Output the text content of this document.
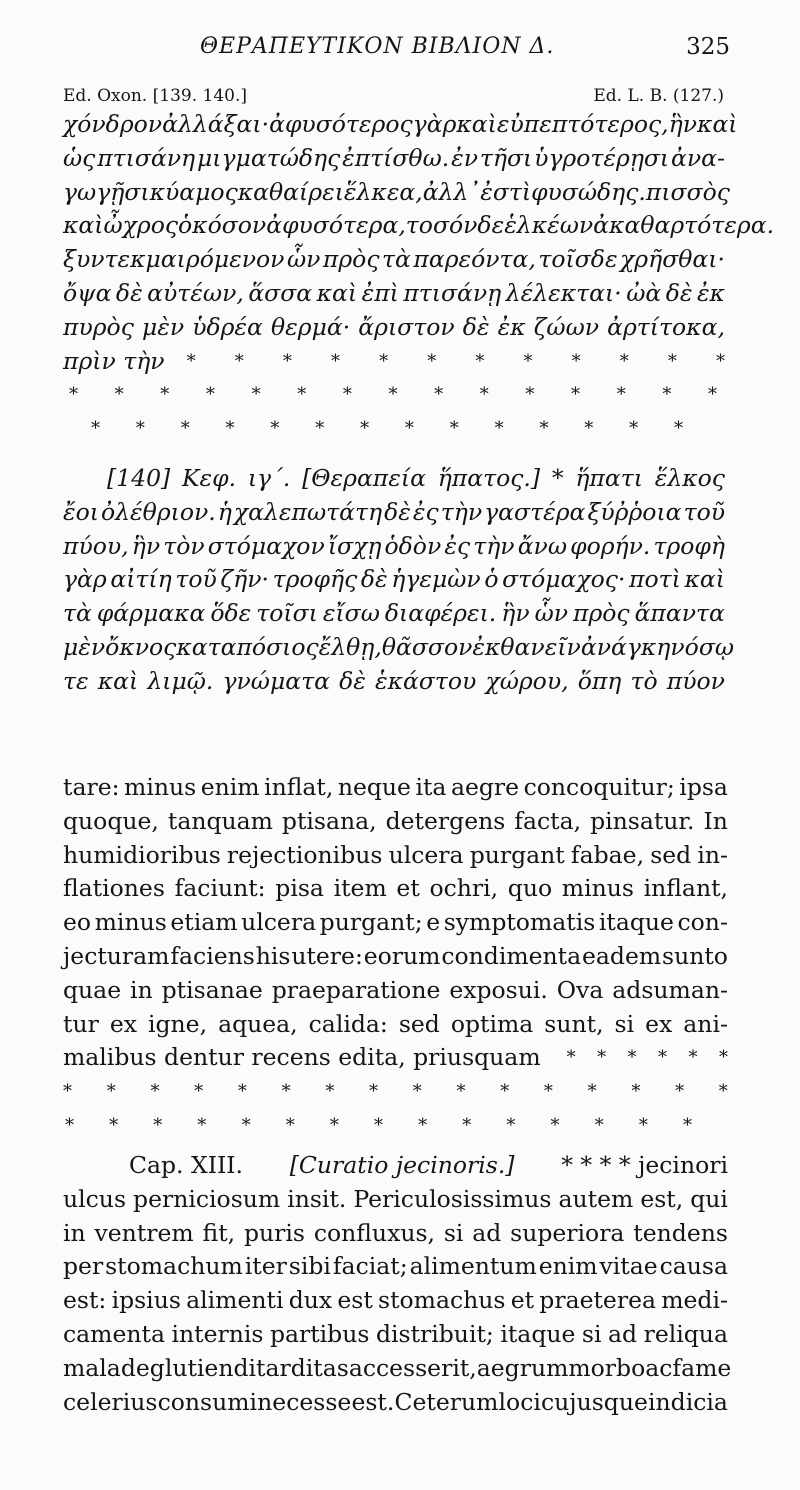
ΘΕΡΑΠΕΥΤΙΚΟΝ ΒΙΒΛΙΟΝ Δ.	325
Ed. Oxon. [139. 140.]	Ed. L. B. (127.)
χόνδρον ἀλλάξαι· ἀφυσότερος γὰρ καὶ εὐπεπτότερος, ἣν καὶ
ὡς πτισάνη μιγματώδης ἐπτίσθω. ἐν τῆσι ὑγροτέρῃσι ἀνα-
γωγῇσι κύαμος καθαίρει ἕλκεα, ἀλλ᾽ ἐστὶ φυσώδης. πισσὸς
καὶ ὦχρος ὁκόσον ἀφυσότερα, τοσόνδε ἑλκέων ἀκαθαρτότερα.
ξυντεκμαιρόμενον ὧν πρὸς τὰ παρεόντα, τοῖσδε χρῆσθαι·
ὄψα δὲ αὐτέων, ἅσσα καὶ ἐπὶ πτισάνῃ λέλεκται· ὠὰ δὲ ἐκ
πυρὸς μὲν ὑδρέα θερμά· ἄριστον δὲ ἐκ ζώων ἀρτίτοκα,
πρὶν τὴν * * * * * * * * * * * *
* * * * * * * * * * * * * * *
* * * * * * * * * * * * * *
[140] Κεφ. ιγ΄. [Θεραπεία ἥπατος.] * ἥπατι ἕλκος
ἔοι ὀλέθριον. ἡ χαλεπωτάτη δὲ ἐς τὴν γαστέρα ξύῤῥοια τοῦ
πύου, ἣν τὸν στόμαχον ἴσχῃ ὁδὸν ἐς τὴν ἄνω φορήν. τροφὴ
γὰρ αἰτίη τοῦ ζῆν· τροφῆς δὲ ἡγεμὼν ὁ στόμαχος· ποτὶ καὶ
τὰ φάρμακα ὅδε τοῖσι εἴσω διαφέρει. ἣν ὧν πρὸς ἅπαντα
μὲν ὄκνος καταπόσιος ἔλθῃ, θᾶσσον ἐκθανεῖν ἀνάγκη νόσῳ
τε καὶ λιμῷ. γνώματα δὲ ἑκάστου χώρου, ὅπη τὸ πύον
tare: minus enim inflat, neque ita aegre concoquitur; ipsa
quoque, tanquam ptisana, detergens facta, pinsatur. In
humidioribus rejectionibus ulcera purgant fabae, sed in-
flationes faciunt: pisa item et ochri, quo minus inflant,
eo minus etiam ulcera purgant; e symptomatis itaque con-
jecturam faciens his utere: eorum condimenta eadem sunto
quae in ptisanae praeparatione exposui. Ova adsuman-
tur ex igne, aquea, calida: sed optima sunt, si ex ani-
malibus dentur recens edita, priusquam * * * * * *
* * * * * * * * * * * * * * * *
* * * * * * * * * * * * * * *
Cap. XIII. [Curatio jecinoris.] * * * * jecinori
ulcus perniciosum insit. Periculosissimus autem est, qui
in ventrem fit, puris confluxus, si ad superiora tendens
per stomachum iter sibi faciat; alimentum enim vitae causa
est: ipsius alimenti dux est stomachus et praeterea medi-
camenta internis partibus distribuit; itaque si ad reliqua
mala deglutiendi tarditas accesserit, aegrum morbo ac fame
celerius consumi necesse est. Ceterum loci cujusque indicia
